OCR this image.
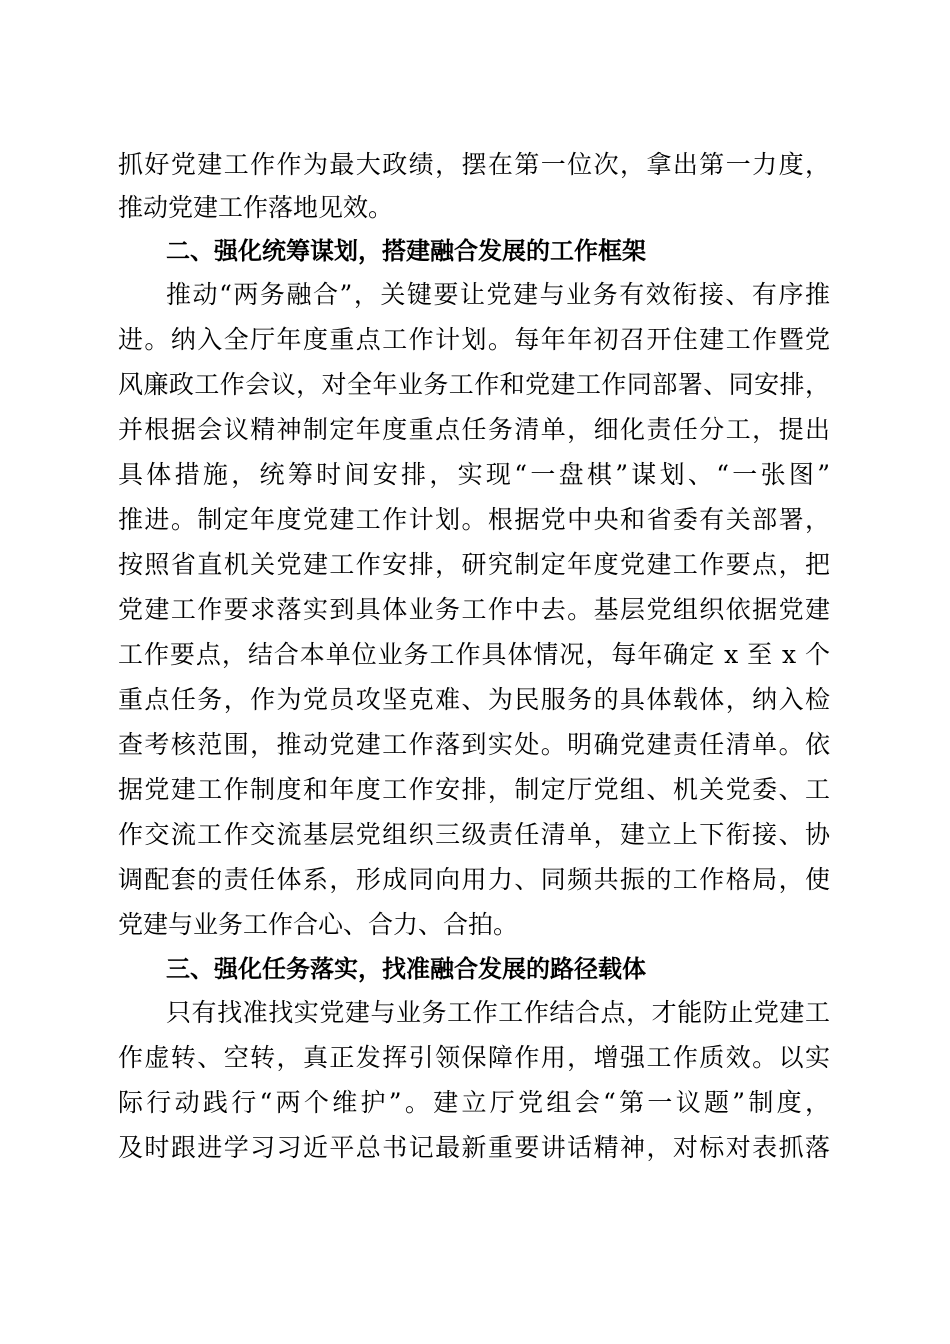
抓好党建工作作为最大政绩，摆在第一位次，拿出第一力度，
推动党建工作落地见效。
二、强化统筹谋划，搭建融合发展的工作框架
推动“两务融合”，关键要让党建与业务有效衔接、有序推
进。纳入全厅年度重点工作计划。每年年初召开住建工作暨党
风廉政工作会议，对全年业务工作和党建工作同部署、同安排，
并根据会议精神制定年度重点任务清单，细化责任分工，提出
具体措施，统筹时间安排，实现“一盘棋”谋划、“一张图”
推进。制定年度党建工作计划。根据党中央和省委有关部署，
按照省直机关党建工作安排，研究制定年度党建工作要点，把
党建工作要求落实到具体业务工作中去。基层党组织依据党建
工作要点，结合本单位业务工作具体情况，每年确定 x 至 x 个
重点任务，作为党员攻坚克难、为民服务的具体载体，纳入检
查考核范围，推动党建工作落到实处。明确党建责任清单。依
据党建工作制度和年度工作安排，制定厅党组、机关党委、工
作交流工作交流基层党组织三级责任清单，建立上下衔接、协
调配套的责任体系，形成同向用力、同频共振的工作格局，使
党建与业务工作合心、合力、合拍。
三、强化任务落实，找准融合发展的路径载体
只有找准找实党建与业务工作工作结合点，才能防止党建工
作虚转、空转，真正发挥引领保障作用，增强工作质效。以实
际行动践行“两个维护”。建立厅党组会“第一议题”制度，
及时跟进学习习近平总书记最新重要讲话精神，对标对表抓落
